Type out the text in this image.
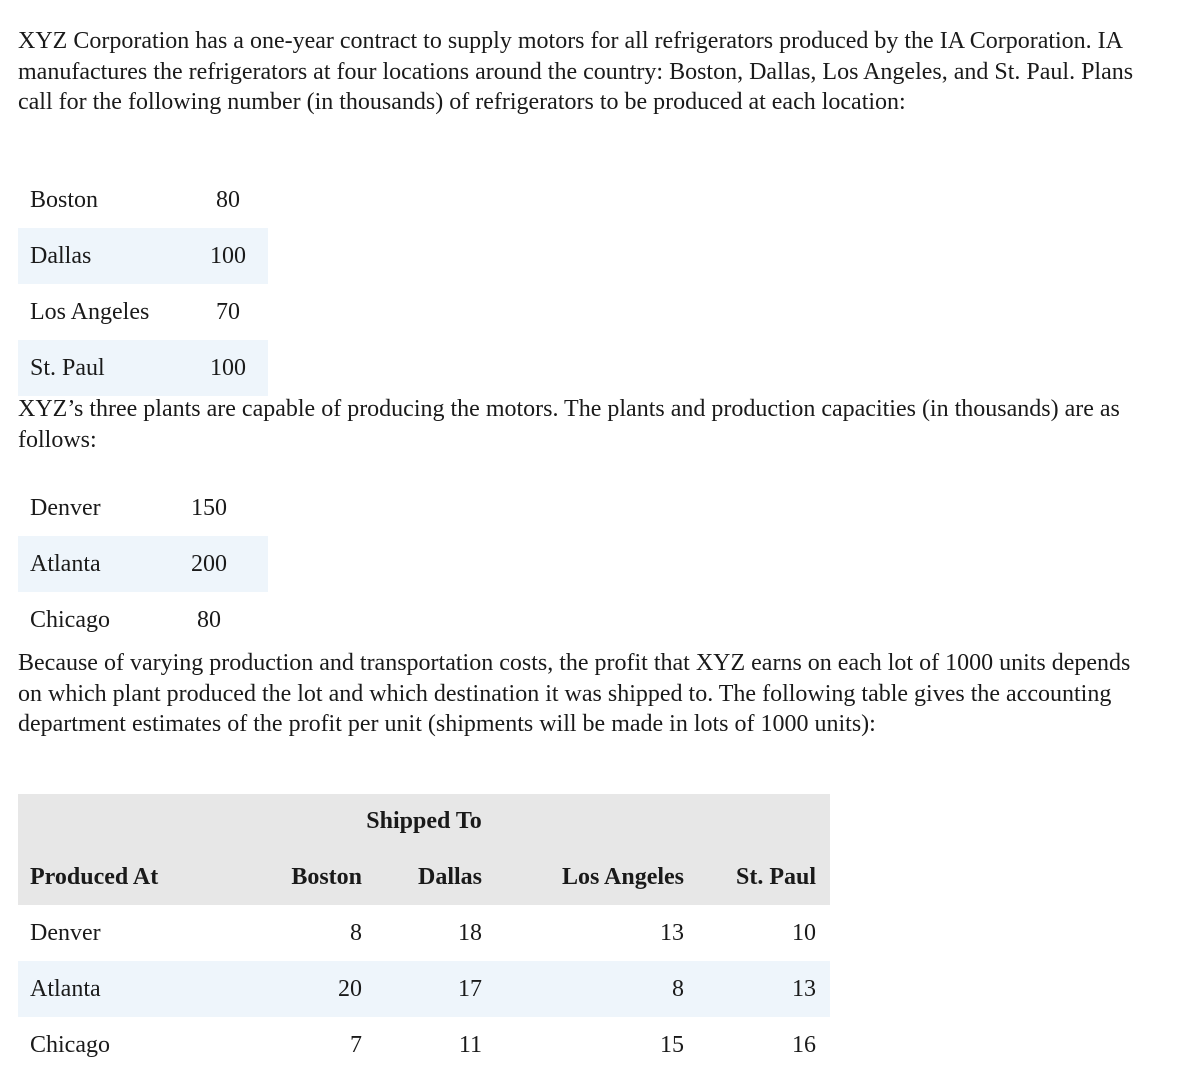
XYZ Corporation has a one-year contract to supply motors for all refrigerators produced by the IA Corporation. IA manufactures the refrigerators at four locations around the country: Boston, Dallas, Los Angeles, and St. Paul. Plans call for the following number (in thousands) of refrigerators to be produced at each location:

Boston	80
Dallas	100
Los Angeles	70
St. Paul	100

XYZ’s three plants are capable of producing the motors. The plants and production capacities (in thousands) are as follows:

Denver	150
Atlanta	200
Chicago	80

Because of varying production and transportation costs, the profit that XYZ earns on each lot of 1000 units depends on which plant produced the lot and which destination it was shipped to. The following table gives the accounting department estimates of the profit per unit (shipments will be made in lots of 1000 units):

Shipped To				
Produced At	Boston	Dallas	Los Angeles	St. Paul
Denver	8	18	13	10
Atlanta	20	17	8	13
Chicago	7	11	15	16
